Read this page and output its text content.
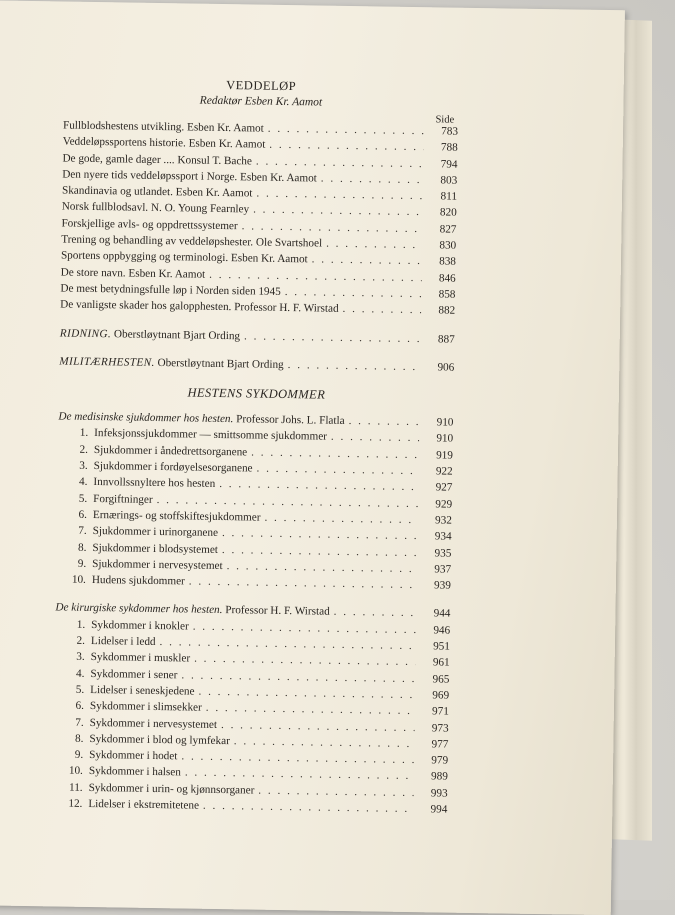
VEDDELØP

Redaktør Esben Kr. Aamot

Side
Fullblodshestens utvikling. Esben Kr. Aamot . . .	783
Veddeløpssportens historie. Esben Kr. Aamot . . .	788
De gode, gamle dager .... Konsul T. Bache . . .	794
Den nyere tids veddeløpssport i Norge. Esben Kr. Aamot . . .	803
Skandinavia og utlandet. Esben Kr. Aamot . . .	811
Norsk fullblodsavl. N. O. Young Fearnley . . .	820
Forskjellige avls- og oppdrettssystemer . . .	827
Trening og behandling av veddeløpshester. Ole Svartshoel . . .	830
Sportens oppbygging og terminologi. Esben Kr. Aamot . . .	838
De store navn. Esben Kr. Aamot . . .	846
De mest betydningsfulle løp i Norden siden 1945 . . .	858
De vanligste skader hos galopphesten. Professor H. F. Wirstad . . .	882
RIDNING. Oberstløytnant Bjart Ording . . .	887
MILITÆRHESTEN. Oberstløytnant Bjart Ording . . .	906

HESTENS SYKDOMMER

De medisinske sjukdommer hos hesten. Professor Johs. L. Flatla . . .	910
1. Infeksjonssjukdommer — smittsomme sjukdommer . . .	910
2. Sjukdommer i åndedrettsorganene . . .	919
3. Sjukdommer i fordøyelsesorganene . . .	922
4. Innvollssnyltere hos hesten . . .	927
5. Forgiftninger . . .	929
6. Ernærings- og stoffskiftesjukdommer . . .	932
7. Sjukdommer i urinorganene . . .	934
8. Sjukdommer i blodsystemet . . .	935
9. Sjukdommer i nervesystemet . . .	937
10. Hudens sjukdommer . . .	939
De kirurgiske sykdommer hos hesten. Professor H. F. Wirstad . . .	944
1. Sykdommer i knokler . . .	946
2. Lidelser i ledd . . .	951
3. Sykdommer i muskler . . .	961
4. Sykdommer i sener . . .	965
5. Lidelser i seneskjedene . . .	969
6. Sykdommer i slimsekker . . .	971
7. Sykdommer i nervesystemet . . .	973
8. Sykdommer i blod og lymfekar . . .	977
9. Sykdommer i hodet . . .	979
10. Sykdommer i halsen . . .	989
11. Sykdommer i urin- og kjønnsorganer . . .	993
12. Lidelser i ekstremitetene . . .	994
